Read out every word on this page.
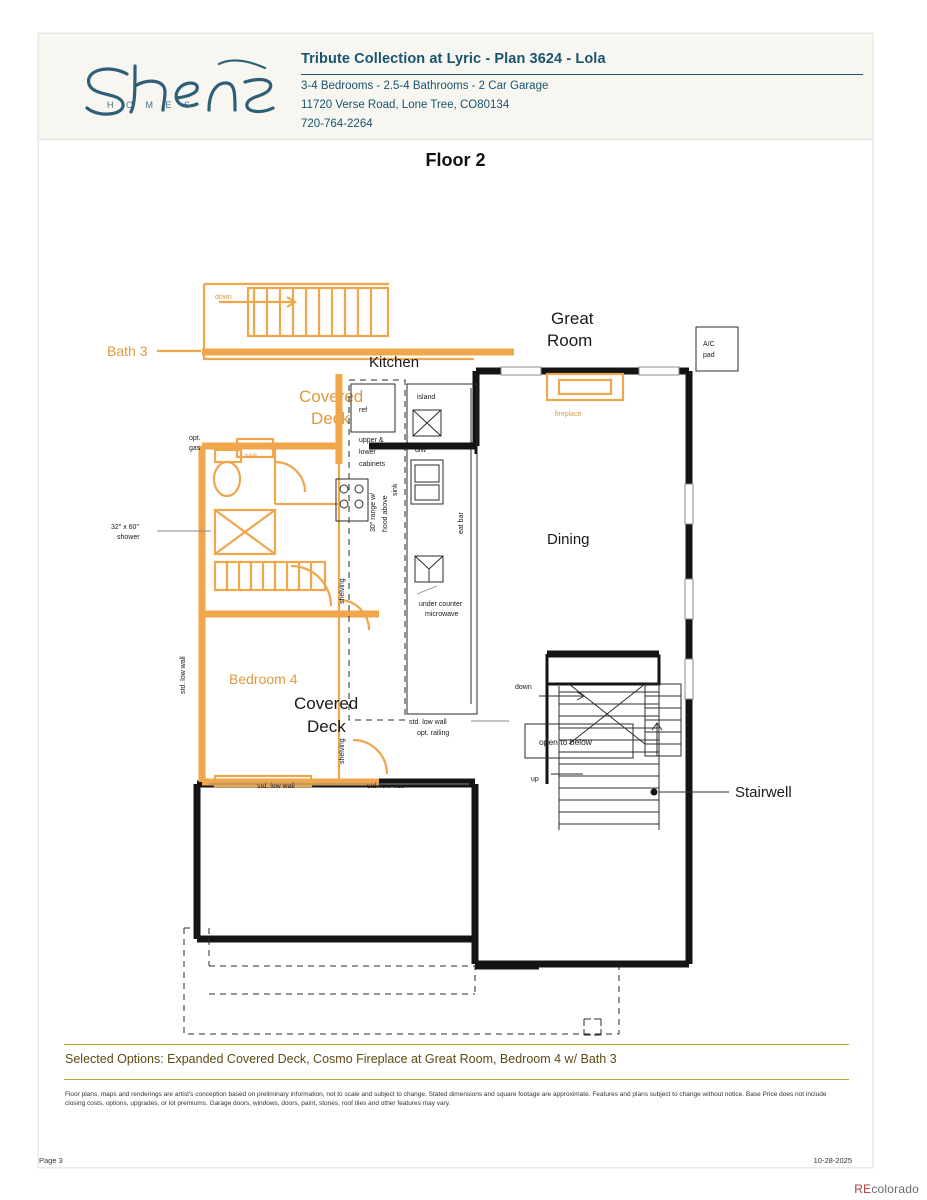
H O M E S
Tribute Collection at Lyric - Plan 3624 - Lola
3-4 Bedrooms - 2.5-4 Bathrooms - 2 Car Garage
11720 Verse Road, Lone Tree, CO80134
720-764-2264
Floor 2
down
Covered
Deck	fireplace
Great
Room	A/C
pad
Dining
sink
32" x 60"
shower
Bath 3
opt.
gas
Bedroom 4
shelving
Kitchen
ref
upper &
lower
cabinets
30" range w/ hood above
island
d/w
sink
under counter
microwave
eat bar
shelving
Covered
Deck
std. low wall
std. low wall	std. low wall
std. low wall
opt. railing
down
up
open to below
Stairwell
Selected Options: Expanded Covered Deck, Cosmo Fireplace at Great Room, Bedroom 4 w/ Bath 3
Floor plans, maps and renderings are artist's conception based on preliminary information, not to scale and subject to change. Stated dimensions and square footage are approximate. Features and plans subject to change without notice. Base Price does not include closing costs, options, upgrades, or lot premiums. Garage doors, windows, doors, paint, stones, roof tiles and other features may vary.
Page 3	10-28-2025
REcolorado
